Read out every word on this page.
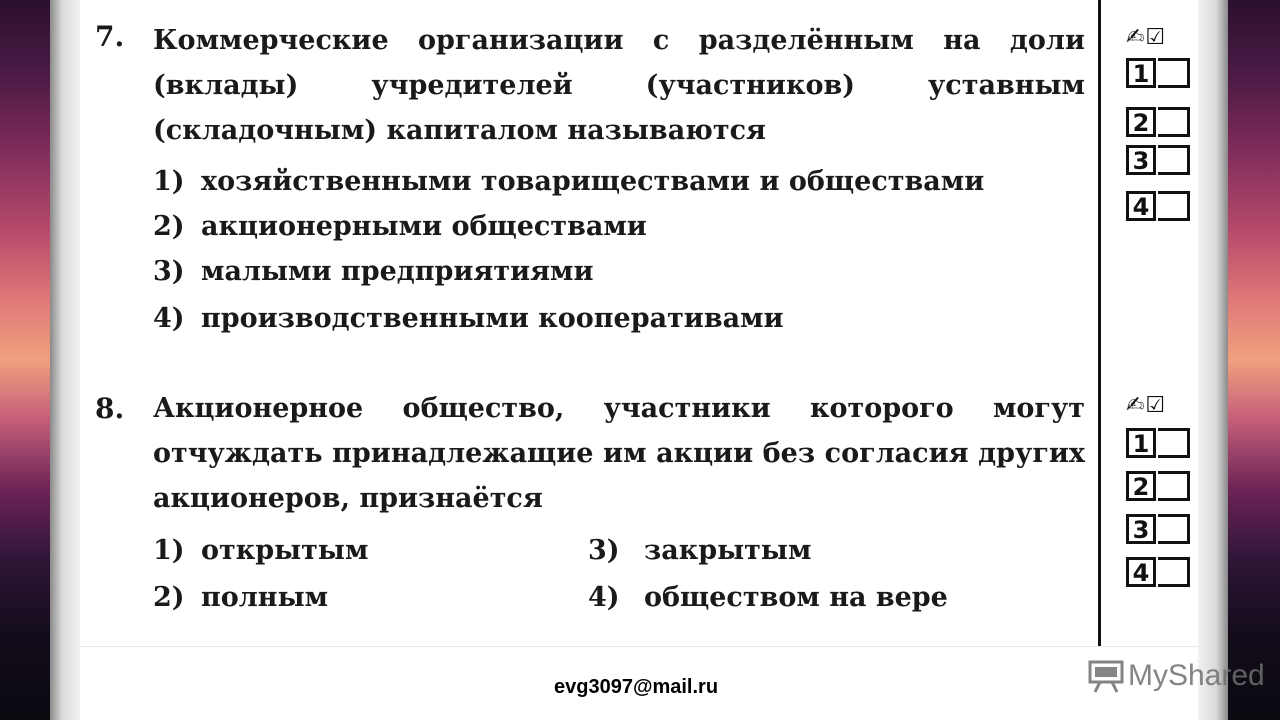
7. Коммерческие организации с разделённым на доли (вклады) учредителей (участников) уставным (складочным) капиталом называются
1) хозяйственными товариществами и обществами
2) акционерными обществами
3) малыми предприятиями
4) производственными кооперативами
✍☑
1
2
3
4
8. Акционерное общество, участники которого могут отчуждать принадлежащие им акции без согласия других акционеров, признаётся
1) открытым
2) полным
3) закрытым
4) обществом на вере
✍☑
1
2
3
4
evg3097@mail.ru	MyShared
